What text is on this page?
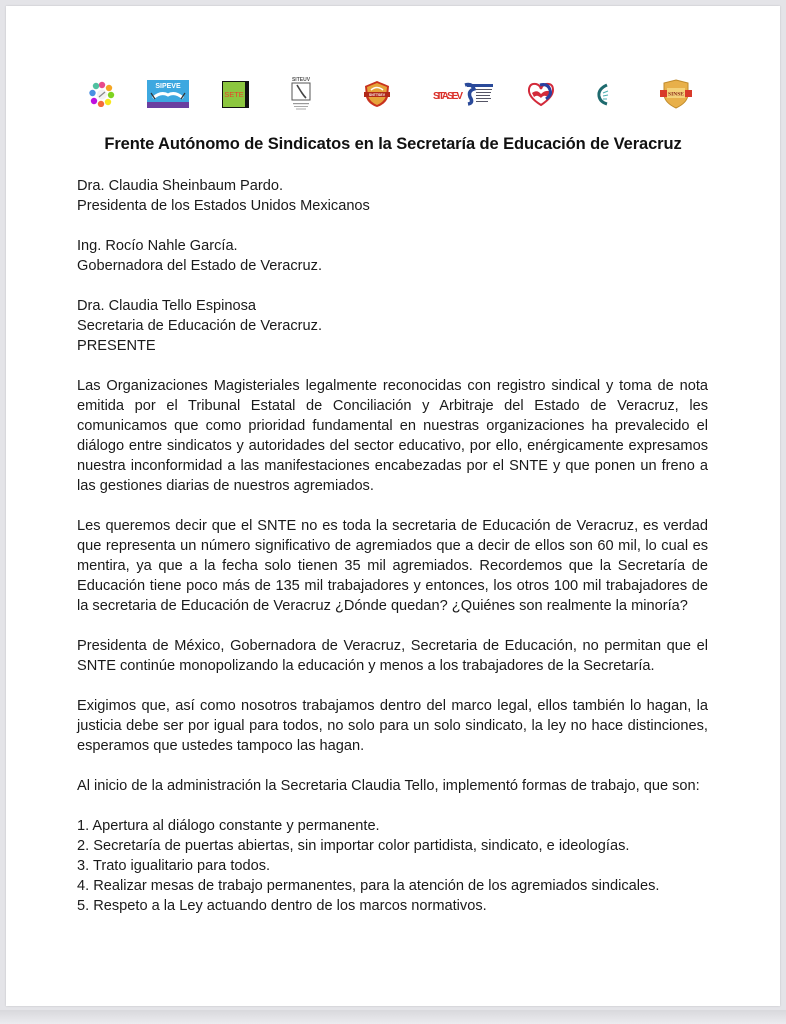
SIPEVE
SETE
SITEUV
SNTTSEV	SITASEV	SINSE
Frente Autónomo de Sindicatos en la Secretaría de Educación de Veracruz
Dra. Claudia Sheinbaum Pardo.
Presidenta de los Estados Unidos Mexicanos
Ing. Rocío Nahle García.
Gobernadora del Estado de Veracruz.
Dra. Claudia Tello Espinosa
Secretaria de Educación de Veracruz.
PRESENTE

Las Organizaciones Magisteriales legalmente reconocidas con registro sindical y toma de nota emitida por el Tribunal Estatal de Conciliación y Arbitraje del Estado de Veracruz, les comunicamos que como prioridad fundamental en nuestras organizaciones ha prevalecido el diálogo entre sindicatos y autoridades del sector educativo, por ello, enérgicamente expresamos nuestra inconformidad a las manifestaciones encabezadas por el SNTE y que ponen un freno a las gestiones diarias de nuestros agremiados.

Les queremos decir que el SNTE no es toda la secretaria de Educación de Veracruz, es verdad que representa un número significativo de agremiados que a decir de ellos son 60 mil, lo cual es mentira, ya que a la fecha solo tienen 35 mil agremiados. Recordemos que la Secretaría de Educación tiene poco más de 135 mil trabajadores y entonces, los otros 100 mil trabajadores de la secretaria de Educación de Veracruz ¿Dónde quedan? ¿Quiénes son realmente la minoría?

Presidenta de México, Gobernadora de Veracruz, Secretaria de Educación, no permitan que el SNTE continúe monopolizando la educación y menos a los trabajadores de la Secretaría.

Exigimos que, así como nosotros trabajamos dentro del marco legal, ellos también lo hagan, la justicia debe ser por igual para todos, no solo para un solo sindicato, la ley no hace distinciones, esperamos que ustedes tampoco las hagan.

Al inicio de la administración la Secretaria Claudia Tello, implementó formas de trabajo, que son:

1. Apertura al diálogo constante y permanente.
2. Secretaría de puertas abiertas, sin importar color partidista, sindicato, e ideologías.
3. Trato igualitario para todos.
4. Realizar mesas de trabajo permanentes, para la atención de los agremiados sindicales.
5. Respeto a la Ley actuando dentro de los marcos normativos.
